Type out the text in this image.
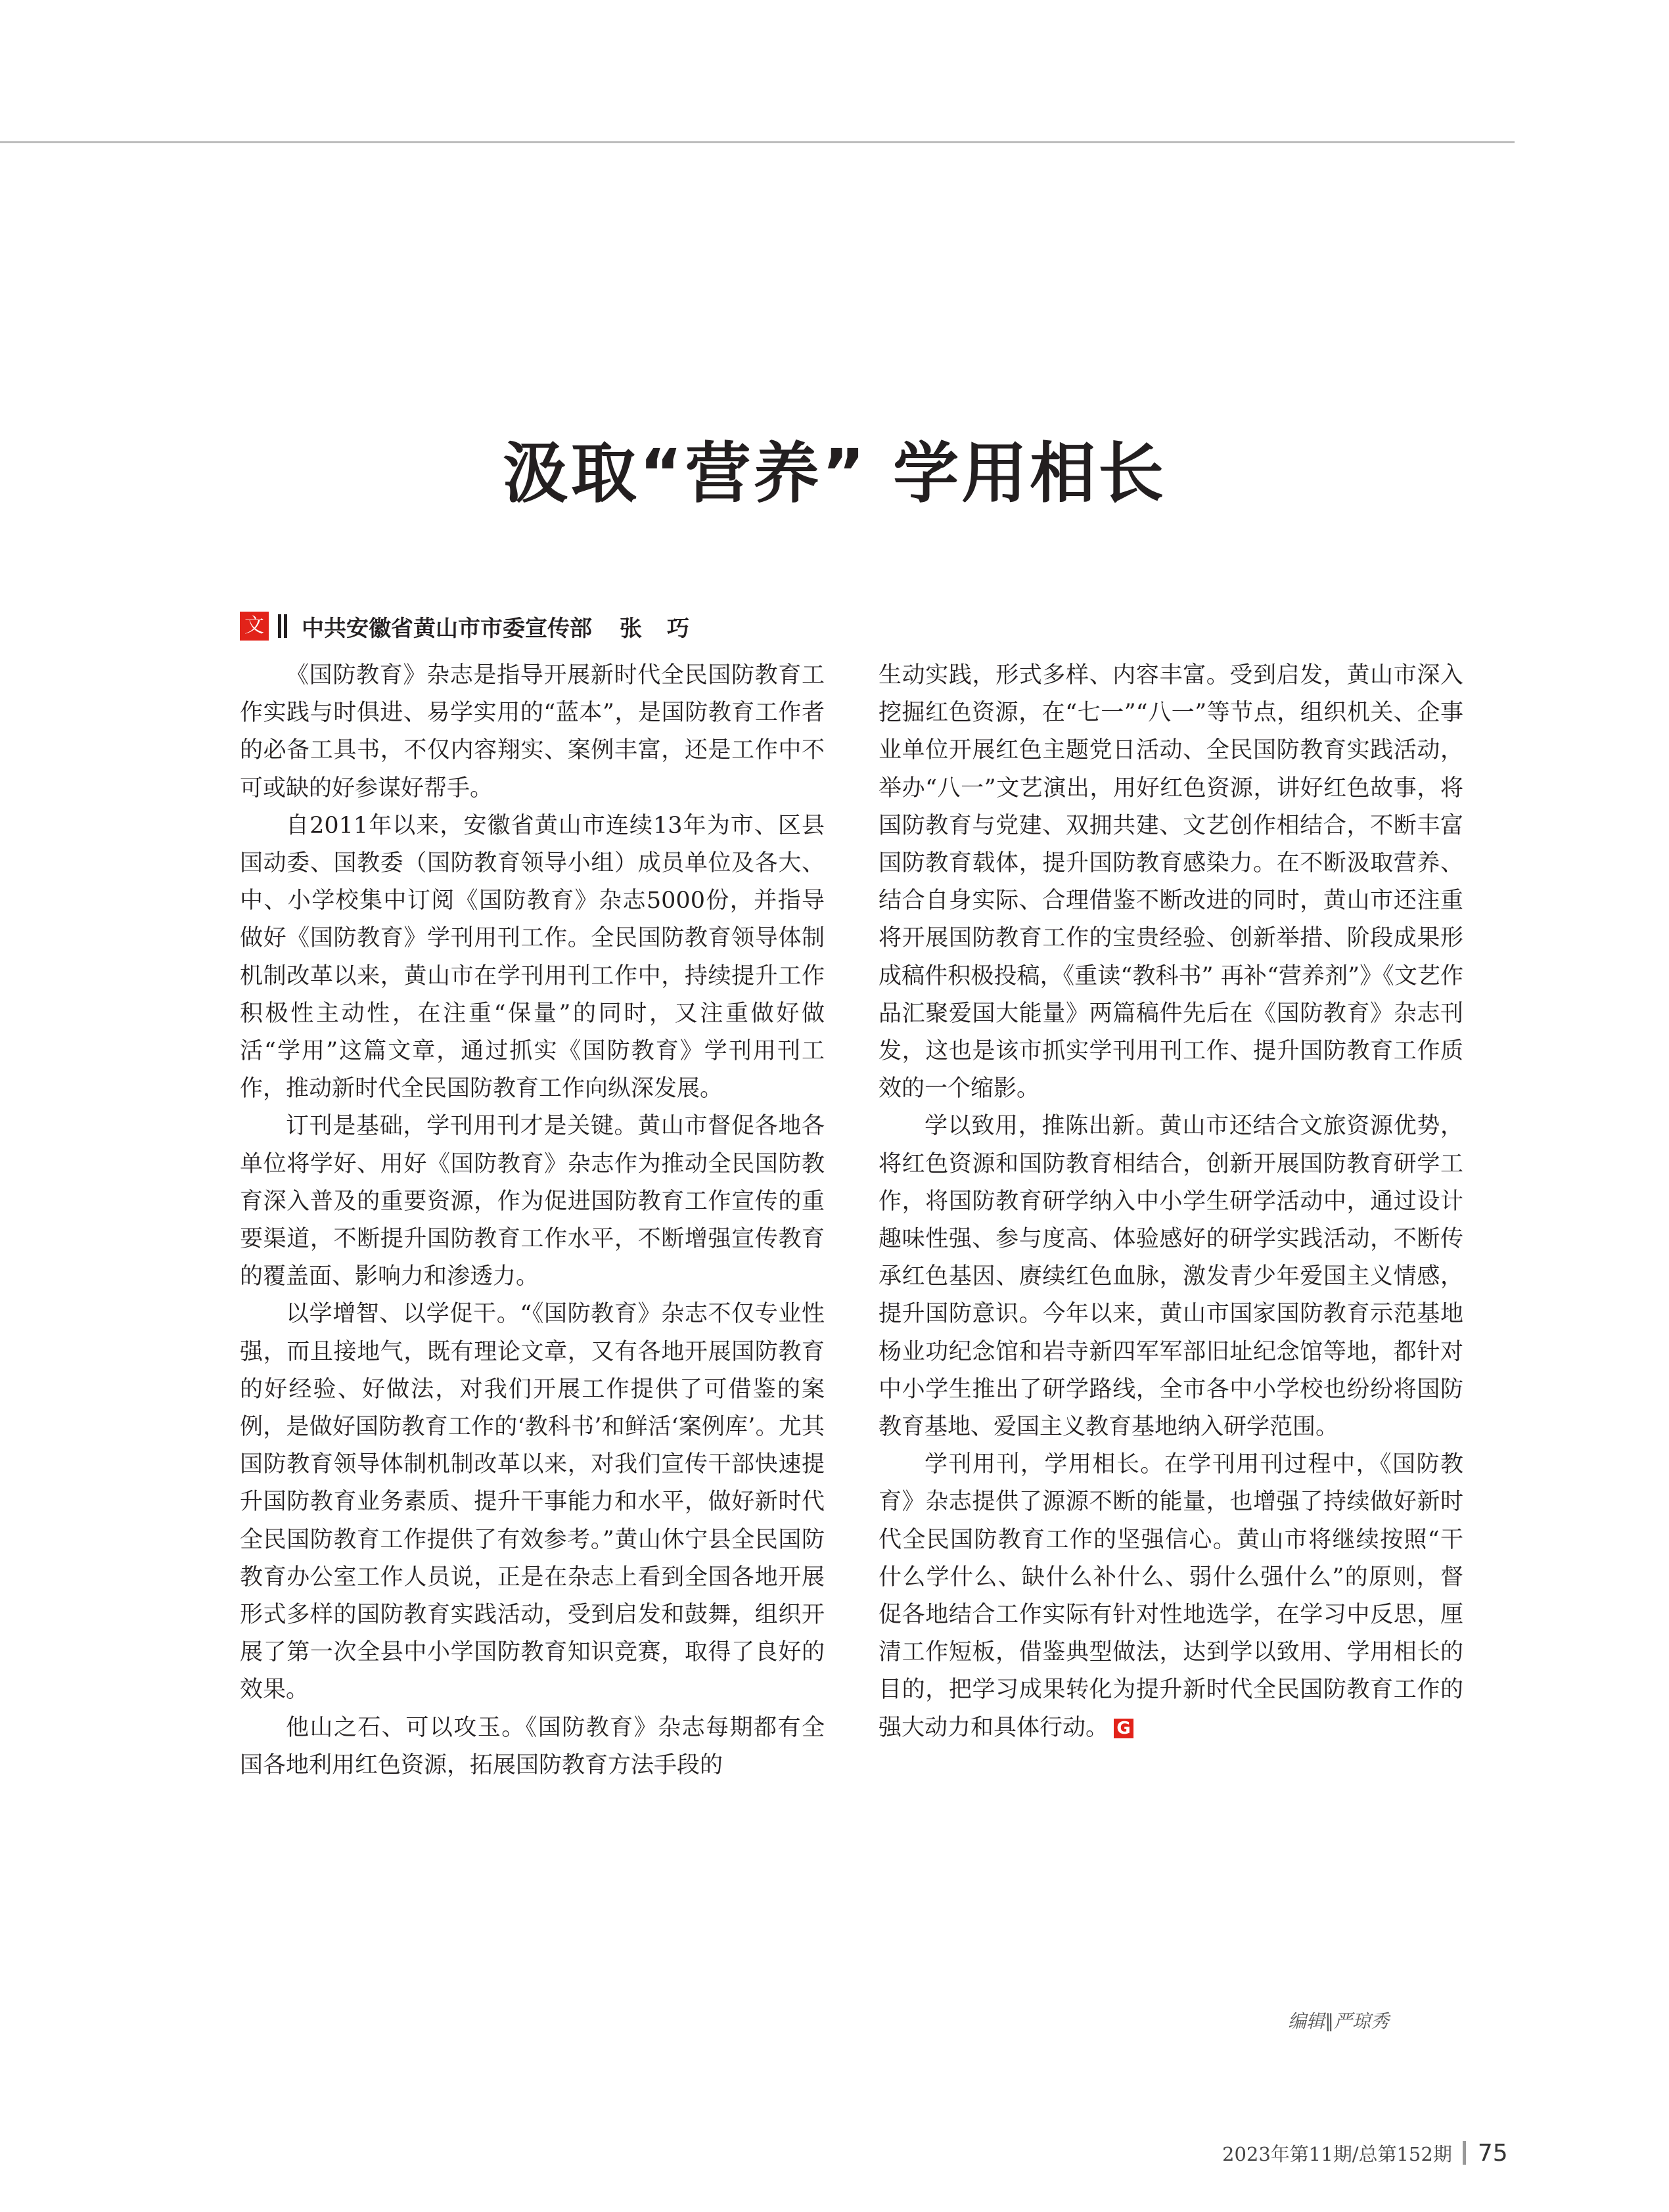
汲取“营养” 学用相长
文 中共安徽省黄山市市委宣传部 张巧

《国防教育》杂志是指导开展新时代全民国防教育工作实践与时俱进、易学实用的“蓝本”，是国防教育工作者的必备工具书，不仅内容翔实、案例丰富，还是工作中不可或缺的好参谋好帮手。

自2011年以来，安徽省黄山市连续13年为市、区县国动委、国教委（国防教育领导小组）成员单位及各大、中、小学校集中订阅《国防教育》杂志5000份，并指导做好《国防教育》学刊用刊工作。全民国防教育领导体制机制改革以来，黄山市在学刊用刊工作中，持续提升工作积极性主动性，在注重“保量”的同时，又注重做好做活“学用”这篇文章，通过抓实《国防教育》学刊用刊工作，推动新时代全民国防教育工作向纵深发展。

订刊是基础，学刊用刊才是关键。黄山市督促各地各单位将学好、用好《国防教育》杂志作为推动全民国防教育深入普及的重要资源，作为促进国防教育工作宣传的重要渠道，不断提升国防教育工作水平，不断增强宣传教育的覆盖面、影响力和渗透力。

以学增智、以学促干。“《国防教育》杂志不仅专业性强，而且接地气，既有理论文章，又有各地开展国防教育的好经验、好做法，对我们开展工作提供了可借鉴的案例，是做好国防教育工作的‘教科书’和鲜活‘案例库’。尤其国防教育领导体制机制改革以来，对我们宣传干部快速提升国防教育业务素质、提升干事能力和水平，做好新时代全民国防教育工作提供了有效参考。”黄山休宁县全民国防教育办公室工作人员说，正是在杂志上看到全国各地开展形式多样的国防教育实践活动，受到启发和鼓舞，组织开展了第一次全县中小学国防教育知识竞赛，取得了良好的效果。

他山之石、可以攻玉。《国防教育》杂志每期都有全国各地利用红色资源，拓展国防教育方法手段的

生动实践，形式多样、内容丰富。受到启发，黄山市深入挖掘红色资源，在“七一”“八一”等节点，组织机关、企事业单位开展红色主题党日活动、全民国防教育实践活动，举办“八一”文艺演出，用好红色资源，讲好红色故事，将国防教育与党建、双拥共建、文艺创作相结合，不断丰富国防教育载体，提升国防教育感染力。在不断汲取营养、结合自身实际、合理借鉴不断改进的同时，黄山市还注重将开展国防教育工作的宝贵经验、创新举措、阶段成果形成稿件积极投稿，《重读“教科书” 再补“营养剂”》《文艺作品汇聚爱国大能量》两篇稿件先后在《国防教育》杂志刊发，这也是该市抓实学刊用刊工作、提升国防教育工作质效的一个缩影。

学以致用，推陈出新。黄山市还结合文旅资源优势，将红色资源和国防教育相结合，创新开展国防教育研学工作，将国防教育研学纳入中小学生研学活动中，通过设计趣味性强、参与度高、体验感好的研学实践活动，不断传承红色基因、赓续红色血脉，激发青少年爱国主义情感，提升国防意识。今年以来，黄山市国家国防教育示范基地杨业功纪念馆和岩寺新四军军部旧址纪念馆等地，都针对中小学生推出了研学路线，全市各中小学校也纷纷将国防教育基地、爱国主义教育基地纳入研学范围。

学刊用刊，学用相长。在学刊用刊过程中，《国防教育》杂志提供了源源不断的能量，也增强了持续做好新时代全民国防教育工作的坚强信心。黄山市将继续按照“干什么学什么、缺什么补什么、弱什么强什么”的原则，督促各地结合工作实际有针对性地选学，在学习中反思，厘清工作短板，借鉴典型做法，达到学以致用、学用相长的目的，把学习成果转化为提升新时代全民国防教育工作的强大动力和具体行动。 G

编辑∥严琼秀
2023年第11期/总第152期 75
